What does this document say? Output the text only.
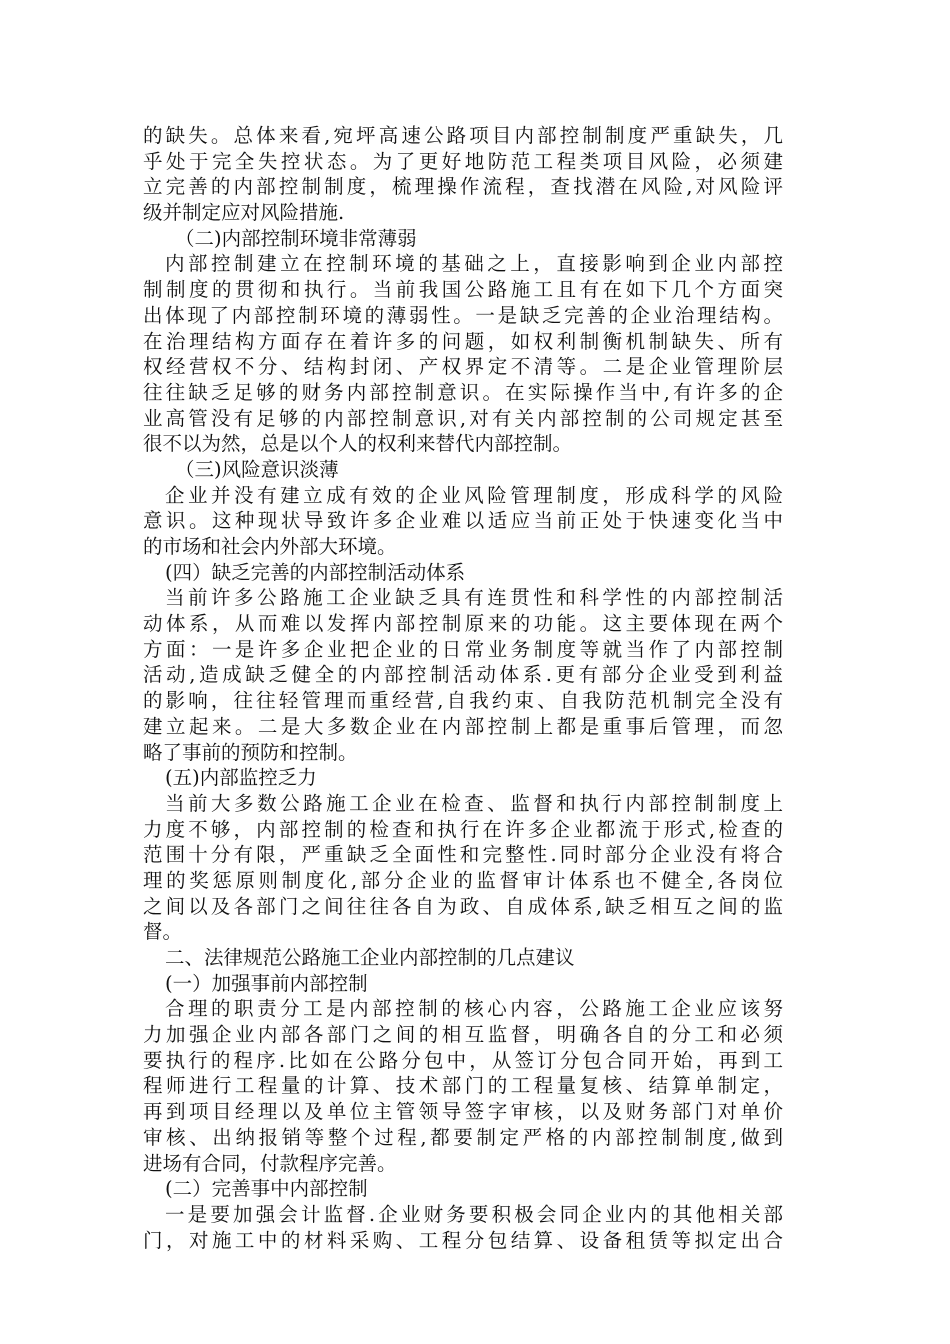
的缺失。总体来看,宛坪高速公路项目内部控制制度严重缺失，几
乎处于完全失控状态。为了更好地防范工程类项目风险，必须建
立完善的内部控制制度，梳理操作流程，查找潜在风险,对风险评
级并制定应对风险措施.
（二)内部控制环境非常薄弱
内部控制建立在控制环境的基础之上，直接影响到企业内部控
制制度的贯彻和执行。当前我国公路施工且有在如下几个方面突
出体现了内部控制环境的薄弱性。一是缺乏完善的企业治理结构。
在治理结构方面存在着许多的问题，如权利制衡机制缺失、所有
权经营权不分、结构封闭、产权界定不清等。二是企业管理阶层
往往缺乏足够的财务内部控制意识。在实际操作当中,有许多的企
业高管没有足够的内部控制意识,对有关内部控制的公司规定甚至
很不以为然，总是以个人的权利来替代内部控制。
（三)风险意识淡薄
企业并没有建立成有效的企业风险管理制度，形成科学的风险
意识。这种现状导致许多企业难以适应当前正处于快速变化当中
的市场和社会内外部大环境。
(四）缺乏完善的内部控制活动体系
当前许多公路施工企业缺乏具有连贯性和科学性的内部控制活
动体系，从而难以发挥内部控制原来的功能。这主要体现在两个
方面：一是许多企业把企业的日常业务制度等就当作了内部控制
活动,造成缺乏健全的内部控制活动体系.更有部分企业受到利益
的影响，往往轻管理而重经营,自我约束、自我防范机制完全没有
建立起来。二是大多数企业在内部控制上都是重事后管理，而忽
略了事前的预防和控制。
(五)内部监控乏力
当前大多数公路施工企业在检查、监督和执行内部控制制度上
力度不够，内部控制的检查和执行在许多企业都流于形式,检查的
范围十分有限，严重缺乏全面性和完整性.同时部分企业没有将合
理的奖惩原则制度化,部分企业的监督审计体系也不健全,各岗位
之间以及各部门之间往往各自为政、自成体系,缺乏相互之间的监
督。
二、法律规范公路施工企业内部控制的几点建议
(一）加强事前内部控制
合理的职责分工是内部控制的核心内容，公路施工企业应该努
力加强企业内部各部门之间的相互监督，明确各自的分工和必须
要执行的程序.比如在公路分包中，从签订分包合同开始，再到工
程师进行工程量的计算、技术部门的工程量复核、结算单制定，
再到项目经理以及单位主管领导签字审核，以及财务部门对单价
审核、出纳报销等整个过程,都要制定严格的内部控制制度,做到
进场有合同，付款程序完善。
(二）完善事中内部控制
一是要加强会计监督.企业财务要积极会同企业内的其他相关部
门，对施工中的材料采购、工程分包结算、设备租赁等拟定出合
